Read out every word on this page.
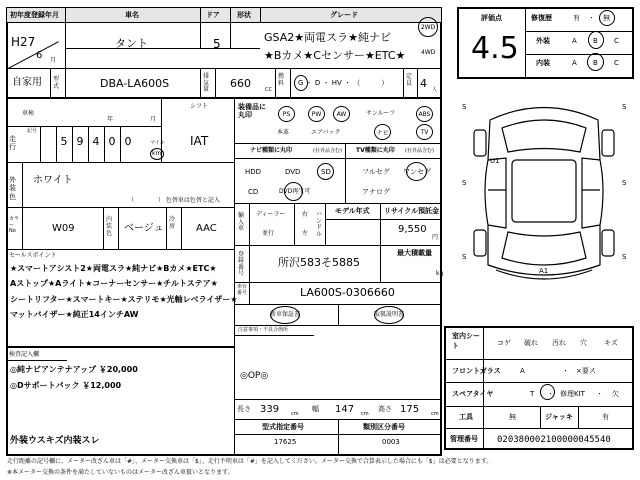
初年度登録年月	車名	ドア 形状	グレード
H27
6 月
タント	5	GSA2★両電スラ★純ナビ
★Bカメ★Cセンサー★ETC★
2WD
4WD
自家用 型式	DBA-LA600S
排気量	660	CC
燃料	G ・ D ・ HV ・ （　　　）
定員 4 人
車検
年	月
シフト
IAT
走行
記号
5 9 4 0 0	マイル
km
外装色
ホワイト
（　　　　） 色替車は色替と記入
カラーNo	W09
内装色	ベージュ
冷房	AAC
セールスポイント
★スマートアシスト2★両電スラ★純ナビ★Bカメ★ETC★
Aストップ★Aライト★コーナーセンサー★チルトステア★
シートリフター★スマートキー★ステリモ★光軸レベライザー★
マットバイザー★純正14インチAW
検査記入欄
◎純ナビアンテナアップ ￥20,000
◎Dサポートパック ￥12,000
外装ウスキズ内装スレ
装備品に丸印	PS	PW	AW	サンルーフ	ABS
本革	エアバック	ナビ	TV
ナビ種類に丸印	(社外品含む) TV種類に丸印 (社外品含む)
HDD	DVD	SD
CD	DVD再生可
フルセグ ワンセグ
アナログ
輸入車
ディーラー
並行
右
左
ハンドル
モデル年式 リサイクル預託金
9,550
円
登録番号
所沢583そ5885
最大積載量
kg
車台番号	LA600S-0306660
新車保証書	取扱説明書
注意事項・不具合箇所
◎OP◎
長さ 339 cm
幅 147 cm
高さ 175 cm
型式指定番号	類別区分番号
17625	0003
評価点
4.5
修復歴	有 ・ 無
外装	A B C
内装	A B C
S	S
S	S
S	S
U1
A1
室内シート	コゲ 破れ 汚れ 穴 キズ
フロントガラス	A	・ ×要ス
スペアタイヤ	T ・ 修理KIT ・ 欠
工具	無	ジャッキ	有
管理番号 020380002100000045540
走行距離の記号欄に、メーター改ざん車は「#」、メーター交換車は「$」、走行不明車は「#」を記入してください。メーター交換で合算表示した場合にも「$」は必要となります。
※本メーター交換の条件を満たしていないものはメーター改ざん車扱いとなります。
